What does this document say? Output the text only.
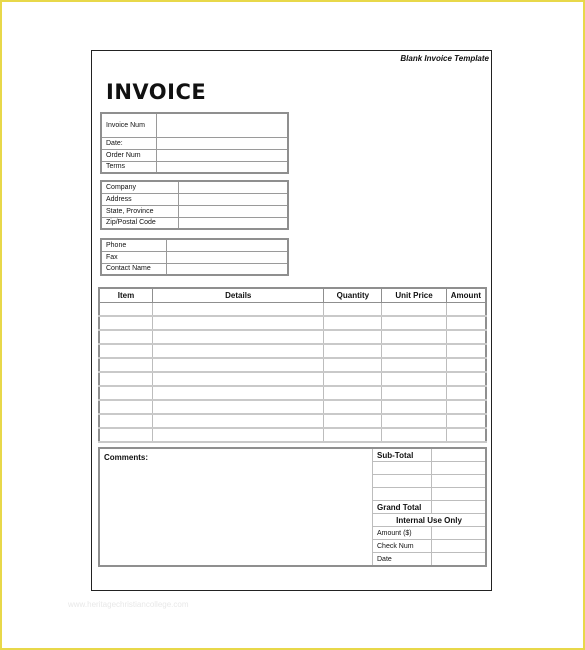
Blank Invoice Template
INVOICE
Invoice Num	
Date:	
Order Num	
Terms	
Company	
Address	
State, Province	
Zip/Postal Code	
Phone	
Fax	
Contact Name	
Item	Details	Quantity	Unit Price	Amount

Comments:	Sub-Total	

	Grand Total	
	Internal Use Only	
	Amount ($)	
	Check Num	
	Date	
www.heritagechristiancollege.com
